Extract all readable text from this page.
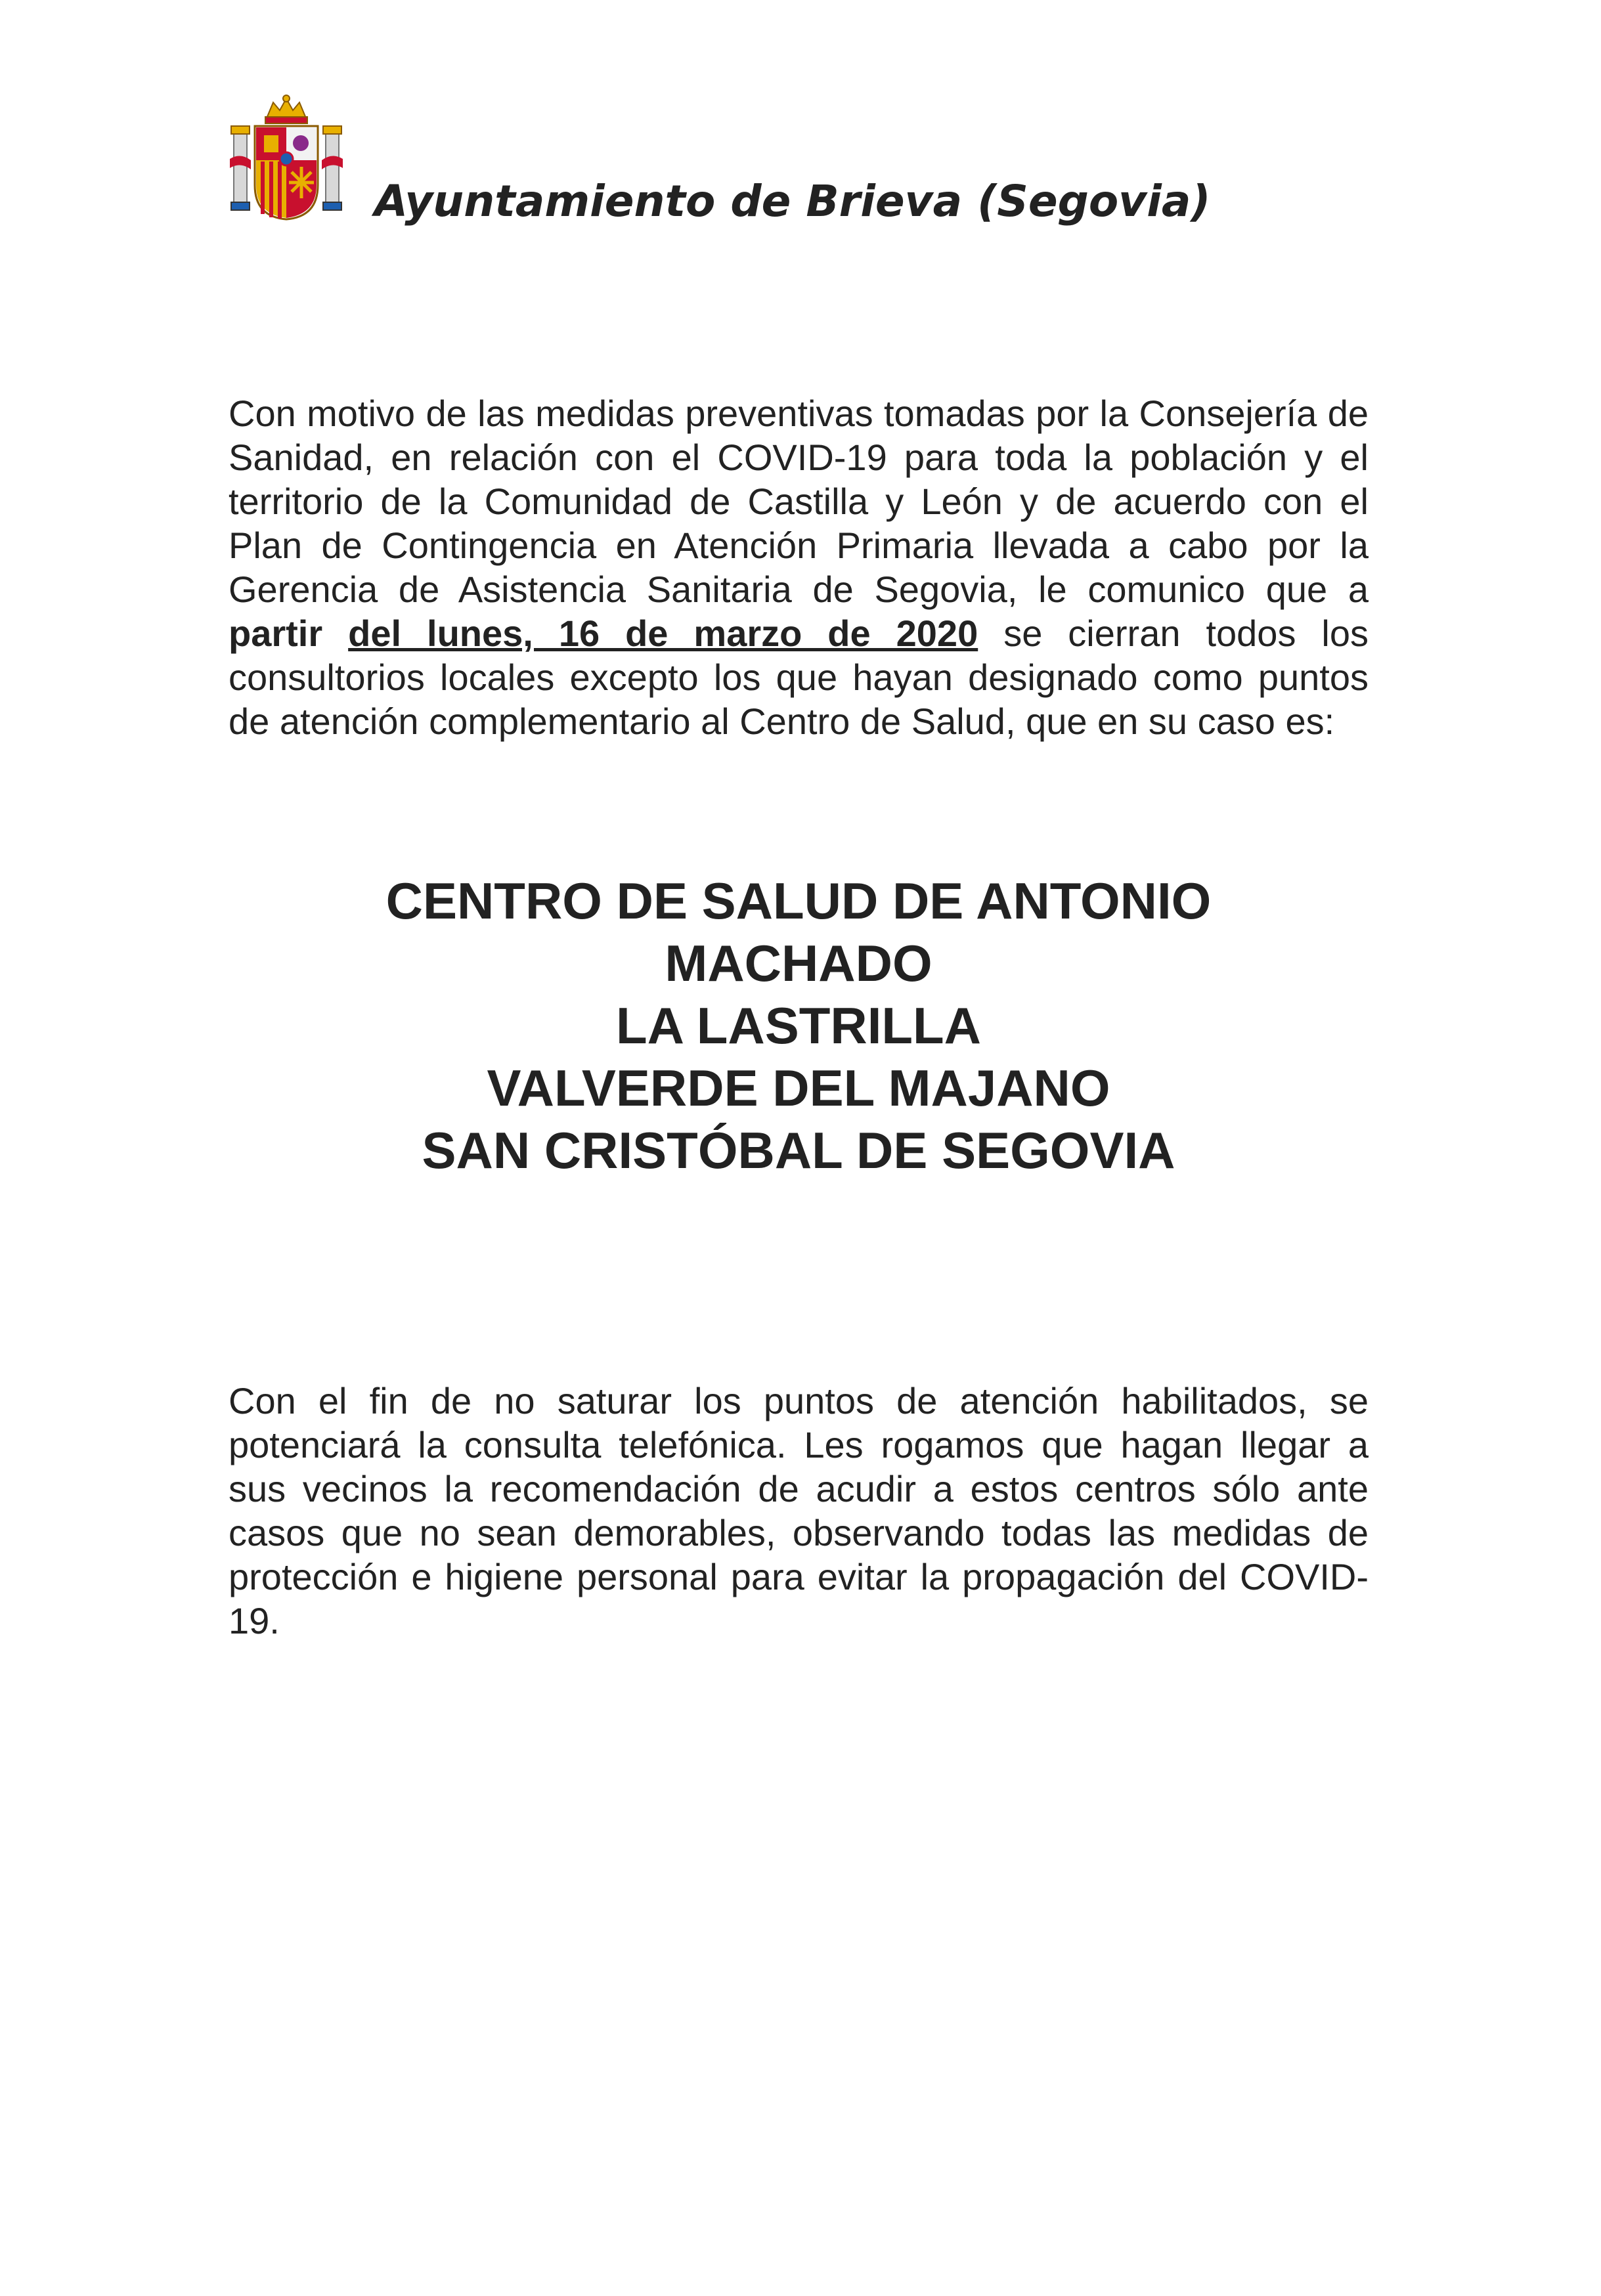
Ayuntamiento de Brieva (Segovia)

Con motivo de las medidas preventivas tomadas por la Consejería de Sanidad, en relación con el COVID-19 para toda la población y el territorio de la Comunidad de Castilla y León y de acuerdo con el Plan de Contingencia en Atención Primaria llevada a cabo por la Gerencia de Asistencia Sanitaria de Segovia, le comunico que a partir del lunes, 16 de marzo de 2020 se cierran todos los consultorios locales excepto los que hayan designado como puntos de atención complementario al Centro de Salud, que en su caso es:

CENTRO DE SALUD DE ANTONIO
MACHADO
LA LASTRILLA
VALVERDE DEL MAJANO
SAN CRISTÓBAL DE SEGOVIA

Con el fin de no saturar los puntos de atención habilitados, se potenciará la consulta telefónica. Les rogamos que hagan llegar a sus vecinos la recomendación de acudir a estos centros sólo ante casos que no sean demorables, observando todas las medidas de protección e higiene personal para evitar la propagación del COVID-19.
